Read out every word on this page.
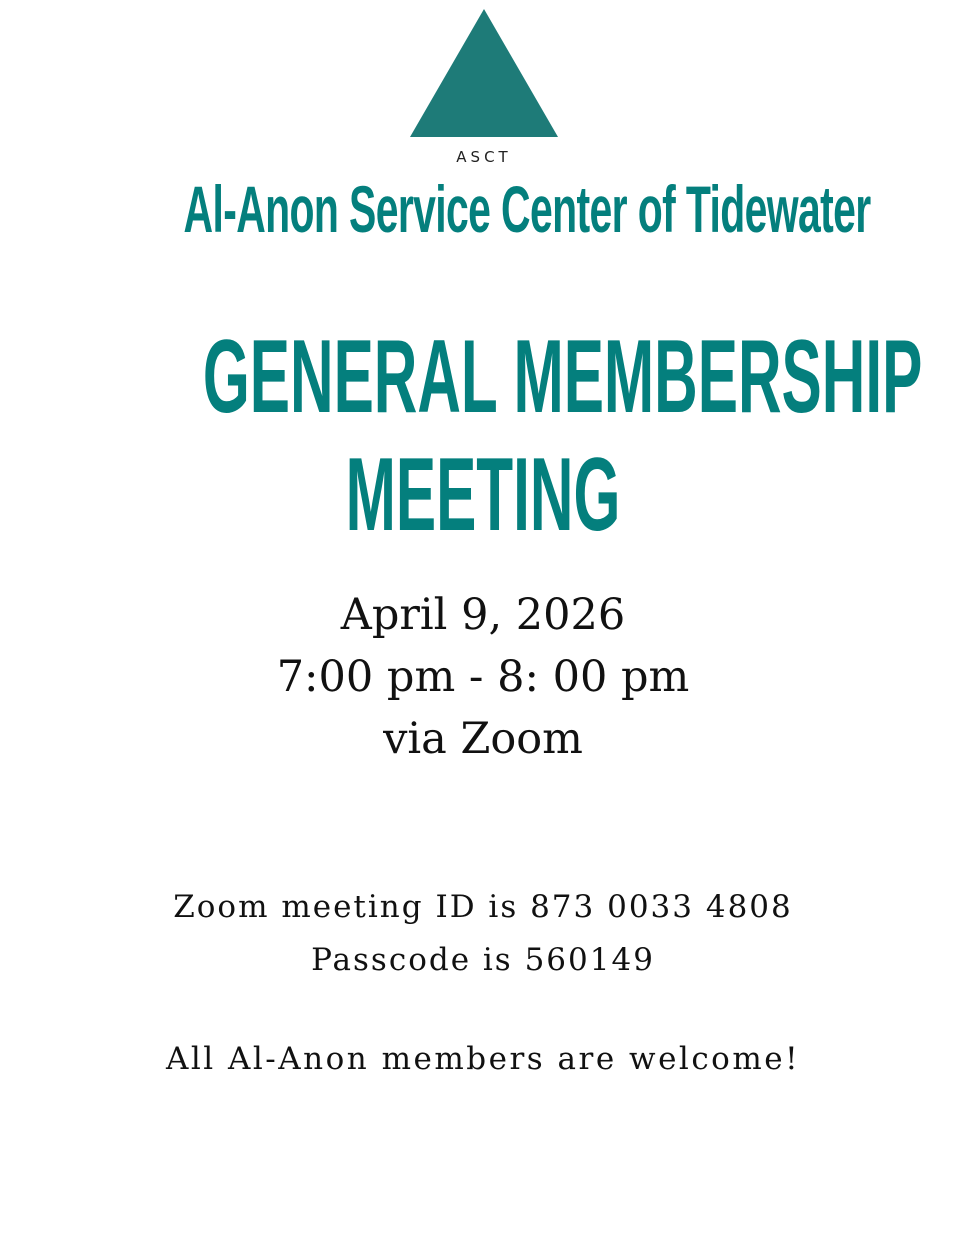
ASCT
Al-Anon Service Center of Tidewater
GENERAL MEMBERSHIP
MEETING
April 9, 2026
7:00 pm - 8: 00 pm
via Zoom
Zoom meeting ID is 873 0033 4808
Passcode is 560149
All Al-Anon members are welcome!
